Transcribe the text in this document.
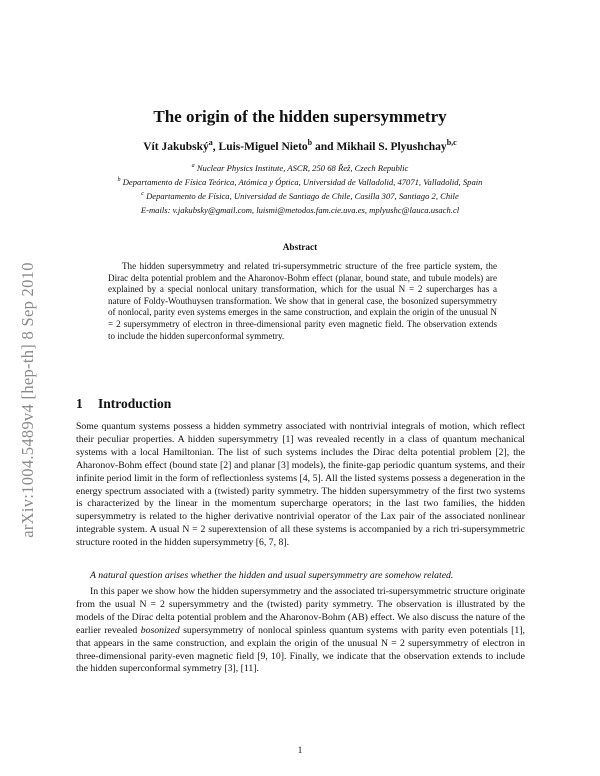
arXiv:1004.5489v4 [hep-th] 8 Sep 2010
The origin of the hidden supersymmetry
Vít Jakubský$^a$, Luis-Miguel Nieto$^b$ and Mikhail S. Plyushchay$^{b,c}$
$^a$ Nuclear Physics Institute, ASCR, 250 68 Řež, Czech Republic
$^b$ Departamento de Física Teórica, Atómica y Óptica, Universidad de Valladolid, 47071, Valladolid, Spain
$^c$ Departamento de Física, Universidad de Santiago de Chile, Casilla 307, Santiago 2, Chile
E-mails: v.jakubsky@gmail.com, luismi@metodos.fam.cie.uva.es, mplyushc@lauca.usach.cl
Abstract

The hidden supersymmetry and related tri-supersymmetric structure of the free particle system, the Dirac delta potential problem and the Aharonov-Bohm effect (planar, bound state, and tubule models) are explained by a special nonlocal unitary transformation, which for the usual N = 2 supercharges has a nature of Foldy-Wouthuysen transformation. We show that in general case, the bosonized supersymmetry of nonlocal, parity even systems emerges in the same construction, and explain the origin of the unusual N = 2 supersymmetry of electron in three-dimensional parity even magnetic field. The observation extends to include the hidden superconformal symmetry.

1 Introduction

Some quantum systems possess a hidden symmetry associated with nontrivial integrals of motion, which reflect their peculiar properties. A hidden supersymmetry [1] was revealed recently in a class of quantum mechanical systems with a local Hamiltonian. The list of such systems includes the Dirac delta potential problem [2], the Aharonov-Bohm effect (bound state [2] and planar [3] models), the finite-gap periodic quantum systems, and their infinite period limit in the form of reflectionless systems [4, 5]. All the listed systems possess a degeneration in the energy spectrum associated with a (twisted) parity symmetry. The hidden supersymmetry of the first two systems is characterized by the linear in the momentum supercharge operators; in the last two families, the hidden supersymmetry is related to the higher derivative nontrivial operator of the Lax pair of the associated nonlinear integrable system. A usual N = 2 superextension of all these systems is accompanied by a rich tri-supersymmetric structure rooted in the hidden supersymmetry [6, 7, 8].

A natural question arises whether the hidden and usual supersymmetry are somehow related.

In this paper we show how the hidden supersymmetry and the associated tri-supersymmetric structure originate from the usual N = 2 supersymmetry and the (twisted) parity symmetry. The observation is illustrated by the models of the Dirac delta potential problem and the Aharonov-Bohm (AB) effect. We also discuss the nature of the earlier revealed bosonized supersymmetry of nonlocal spinless quantum systems with parity even potentials [1], that appears in the same construction, and explain the origin of the unusual N = 2 supersymmetry of electron in three-dimensional parity-even magnetic field [9, 10]. Finally, we indicate that the observation extends to include the hidden superconformal symmetry [3], [11].

1
